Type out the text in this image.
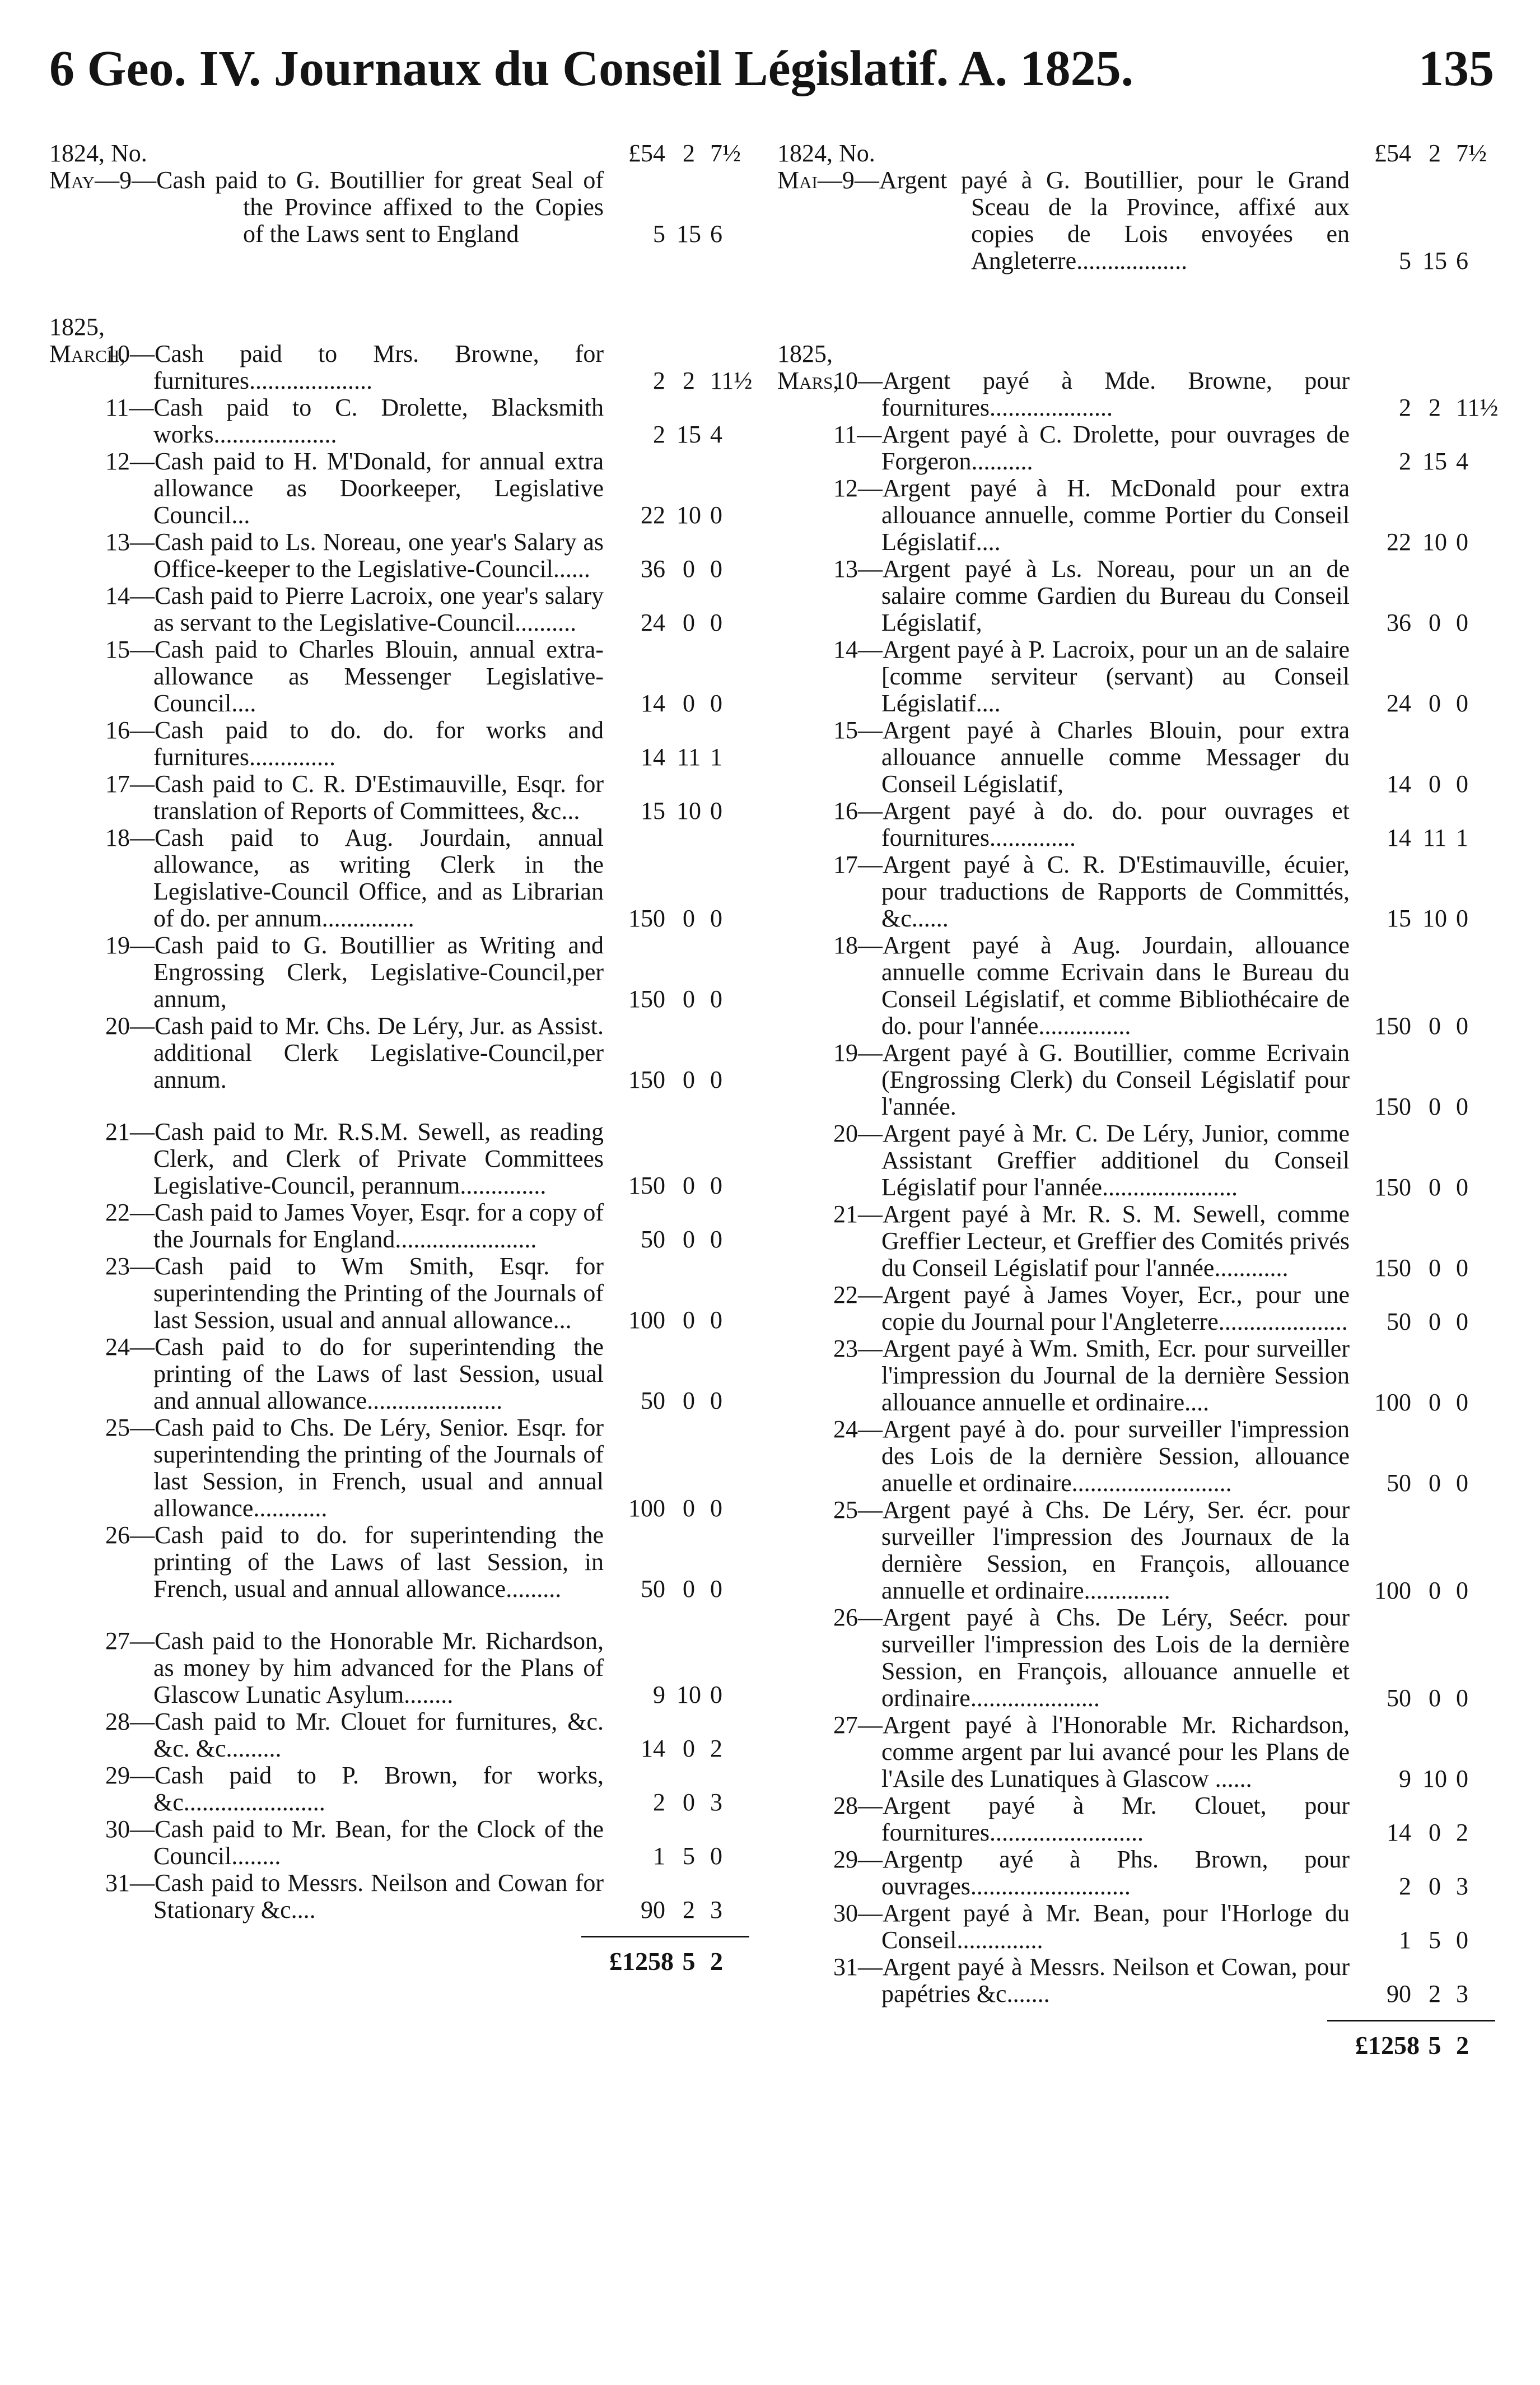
6 Geo. IV. Journaux du Conseil Législatif. A. 1825.	135
1824, No.	£54 2 7½
May—9—Cash paid to G. Boutillier for great Seal of the Province affixed to the Copies of the Laws sent to England	5 15 6
1825,
March,
10—Cash paid to Mrs. Browne, for furnitures....................	2 2 11½
11—Cash paid to C. Drolette, Blacksmith works....................	2 15 4
12—Cash paid to H. M'Donald, for annual extra allowance as Doorkeeper, Legislative Council...	22 10 0
13—Cash paid to Ls. Noreau, one year's Salary as Office-keeper to the Legislative-Council......	36 0 0
14—Cash paid to Pierre Lacroix, one year's salary as servant to the Legislative-Council..........	24 0 0
15—Cash paid to Charles Blouin, annual extra-allowance as Messenger Legislative-Council....	14 0 0
16—Cash paid to do. do. for works and furnitures..............	14 11 1
17—Cash paid to C. R. D'Estimauville, Esqr. for translation of Reports of Committees, &c...	15 10 0
18—Cash paid to Aug. Jourdain, annual allowance, as writing Clerk in the Legislative-Council Office, and as Librarian of do. per annum...............	150 0 0
19—Cash paid to G. Boutillier as Writing and Engrossing Clerk, Legislative-Council,per annum,	150 0 0
20—Cash paid to Mr. Chs. De Léry, Jur. as Assist. additional Clerk Legislative-Council,per annum.	150 0 0
21—Cash paid to Mr. R.S.M. Sewell, as reading Clerk, and Clerk of Private Committees Legislative-Council, perannum..............	150 0 0
22—Cash paid to James Voyer, Esqr. for a copy of the Journals for England.......................	50 0 0
23—Cash paid to Wm Smith, Esqr. for superintending the Printing of the Journals of last Session, usual and annual allowance...	100 0 0
24—Cash paid to do for superintending the printing of the Laws of last Session, usual and annual allowance......................	50 0 0
25—Cash paid to Chs. De Léry, Senior. Esqr. for superintending the printing of the Journals of last Session, in French, usual and annual allowance............	100 0 0
26—Cash paid to do. for superintending the printing of the Laws of last Session, in French, usual and annual allowance.........	50 0 0
27—Cash paid to the Honorable Mr. Richardson, as money by him advanced for the Plans of Glascow Lunatic Asylum........	9 10 0
28—Cash paid to Mr. Clouet for furnitures, &c. &c. &c.........	14 0 2
29—Cash paid to P. Brown, for works, &c.......................	2 0 3
30—Cash paid to Mr. Bean, for the Clock of the Council........	1 5 0
31—Cash paid to Messrs. Neilson and Cowan for Stationary &c....	90 2 3
£1258 5 2
1824, No.	£54 2 7½
Mai—9—Argent payé à G. Boutillier, pour le Grand Sceau de la Province, affixé aux copies de Lois envoyées en Angleterre..................	5 15 6
1825,
Mars,
10—Argent payé à Mde. Browne, pour fournitures....................	2 2 11½
11—Argent payé à C. Drolette, pour ouvrages de Forgeron..........	2 15 4
12—Argent payé à H. McDonald pour extra allouance annuelle, comme Portier du Conseil Législatif....	22 10 0
13—Argent payé à Ls. Noreau, pour un an de salaire comme Gardien du Bureau du Conseil Législatif,	36 0 0
14—Argent payé à P. Lacroix, pour un an de salaire [comme serviteur (servant) au Conseil Législatif....	24 0 0
15—Argent payé à Charles Blouin, pour extra allouance annuelle comme Messager du Conseil Législatif,	14 0 0
16—Argent payé à do. do. pour ouvrages et fournitures..............	14 11 1
17—Argent payé à C. R. D'Estimauville, écuier, pour traductions de Rapports de Committés, &c......	15 10 0
18—Argent payé à Aug. Jourdain, allouance annuelle comme Ecrivain dans le Bureau du Conseil Législatif, et comme Bibliothécaire de do. pour l'année...............	150 0 0
19—Argent payé à G. Boutillier, comme Ecrivain (Engrossing Clerk) du Conseil Législatif pour l'année.	150 0 0
20—Argent payé à Mr. C. De Léry, Junior, comme Assistant Greffier additionel du Conseil Législatif pour l'année......................	150 0 0
21—Argent payé à Mr. R. S. M. Sewell, comme Greffier Lecteur, et Greffier des Comités privés du Conseil Législatif pour l'année............	150 0 0
22—Argent payé à James Voyer, Ecr., pour une copie du Journal pour l'Angleterre.....................	50 0 0
23—Argent payé à Wm. Smith, Ecr. pour surveiller l'impression du Journal de la dernière Session allouance annuelle et ordinaire....	100 0 0
24—Argent payé à do. pour surveiller l'impression des Lois de la dernière Session, allouance anuelle et ordinaire..........................	50 0 0
25—Argent payé à Chs. De Léry, Ser. écr. pour surveiller l'impression des Journaux de la dernière Session, en François, allouance annuelle et ordinaire..............	100 0 0
26—Argent payé à Chs. De Léry, Seécr. pour surveiller l'impression des Lois de la dernière Session, en François, allouance annuelle et ordinaire.....................	50 0 0
27—Argent payé à l'Honorable Mr. Richardson, comme argent par lui avancé pour les Plans de l'Asile des Lunatiques à Glascow ......	9 10 0
28—Argent payé à Mr. Clouet, pour fournitures.........................	14 0 2
29—Argentp ayé à Phs. Brown, pour ouvrages..........................	2 0 3
30—Argent payé à Mr. Bean, pour l'Horloge du Conseil..............	1 5 0
31—Argent payé à Messrs. Neilson et Cowan, pour papétries &c.......	90 2 3
£1258 5 2
